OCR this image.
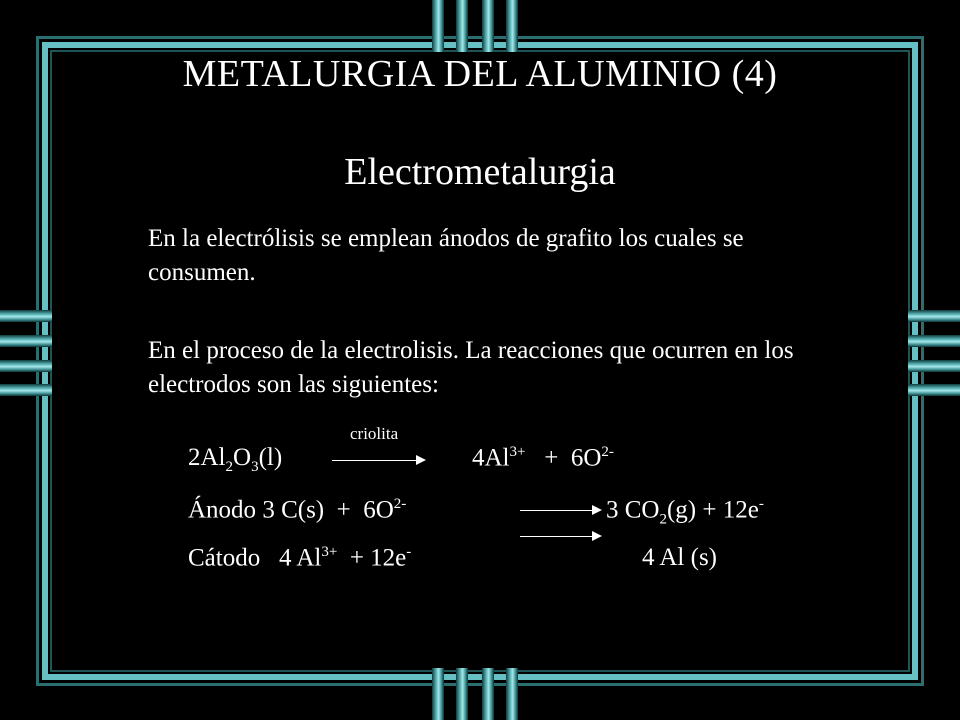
METALURGIA DEL ALUMINIO (4)
Electrometalurgia

En la electrólisis se emplean ánodos de grafito los cuales se consumen.

En el proceso de la electrolisis. La reacciones que ocurren en los electrodos son las siguientes:

criolita
$2Al_2O_3(l)$	$4Al^{3+} + 6O^{2-}$
Ánodo 3 $C(s) + 6O^{2-}$	3 $CO_2(g) + 12e^-$
Cátodo 4 $Al^{3+} + 12e^-$	4 Al (s)
